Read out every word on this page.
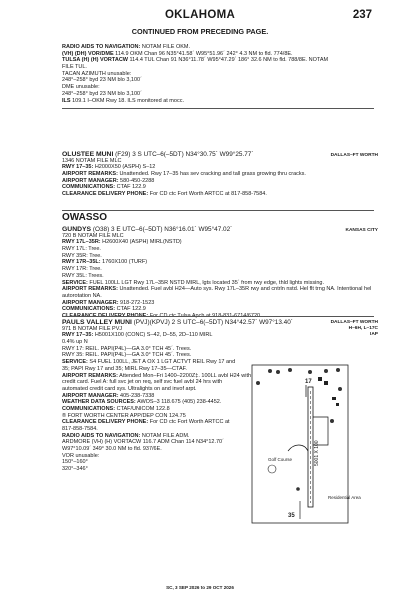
OKLAHOMA	237
CONTINUED FROM PRECEDING PAGE.
RADIO AIDS TO NAVIGATION: NOTAM FILE OKM.
(VH) (DH) VOR/DME 114.9 OKM Chan 96 N35°41.58´ W95°51.96´ 242° 4.3 NM to fld. 774/8E.
TULSA (H) (H) VORTACW 114.4 TUL Chan 91 N36°11.78´ W95°47.29´ 186° 32.6 NM to fld. 788/8E. NOTAM
FILE TUL.
TACAN AZIMUTH unusable:
248°–258° byd 23 NM blo 3,100´
DME unusable:
248°–258° byd 23 NM blo 3,100´
ILS 109.1 I–OKM Rwy 18. ILS monitored at mocc.
OLUSTEE MUNI (F29) 3 S UTC–6(–5DT) N34°30.75´ W99°25.77´
1346 NOTAM FILE MLC
RWY 17–35: H2000X50 (ASPH) S–12
AIRPORT REMARKS: Unattended. Rwy 17–35 has sev cracking and tall grass growing thru cracks.
AIRPORT MANAGER: 580-450-2288
COMMUNICATIONS: CTAF 122.9
CLEARANCE DELIVERY PHONE: For CD ctc Fort Worth ARTCC at 817-858-7584.
DALLAS–FT WORTH
OWASSO
GUNDYS (O38) 3 E UTC–6(–5DT) N36°16.01´ W95°47.02´
720 B NOTAM FILE MLC
RWY 17L–35R: H2600X40 (ASPH) MIRL(NSTD)
RWY 17L: Tree.
RWY 35R: Tree.
RWY 17R–35L: 1760X100 (TURF)
RWY 17R: Tree.
RWY 35L: Trees.
SERVICE: FUEL 100LL LGT Rwy 17L–35R NSTD MIRL, lgts located 35´ from rwy edge, thld lights missing.
AIRPORT REMARKS: Unattended. Fuel avbl H24—Auto sys. Rwy 17L–35R rwy and cntrln nstd. Hel flt trng NA. Intentional hel
autorotation NA.
AIRPORT MANAGER: 918-272-1523
COMMUNICATIONS: CTAF 122.9
CLEARANCE DELIVERY PHONE: For CD ctc Tulsa Apch at 918-831-6714/6720.
KANSAS CITY
PAULS VALLEY MUNI (PVJ)(KPVJ) 2 S UTC–6(–5DT) N34°42.57´ W97°13.40´
971 B NOTAM FILE PVJ
RWY 17–35: H5001X100 (CONC) S–42, D–55, 2D–110 MIRL
0.4% up N
RWY 17: REIL. PAPI(P4L)—GA 3.0° TCH 45´. Trees.
RWY 35: REIL. PAPI(P4L)—GA 3.0° TCH 45´. Trees.
SERVICE: S4 FUEL 100LL, JET A OX 1 LGT ACTVT REIL Rwy 17 and
35; PAPI Rwy 17 and 35; MIRL Rwy 17–35—CTAF.
AIRPORT REMARKS: Attended Mon–Fri 1400–2200Z‡. 100LL avbl H24 with
credit card. Fuel A: full svc jet on req, self svc fuel avbl 24 hrs with
automated credit card sys. Ultralights on and invof arpt.
AIRPORT MANAGER: 405-238-7338
WEATHER DATA SOURCES: AWOS–3 118.675 (405) 238-4452.
COMMUNICATIONS: CTAF/UNICOM 122.8
® FORT WORTH CENTER APP/DEP CON 124.75
CLEARANCE DELIVERY PHONE: For CD ctc Fort Worth ARTCC at
817-858-7584.
RADIO AIDS TO NAVIGATION: NOTAM FILE ADM.
ARDMORE (VH) (H) VORTACW 116.7 ADM Chan 114 N34°12.70´
W97°10.09´ 349° 30.0 NM to fld. 937/6E.
VOR unusable:
150°–160°
320°–346°
DALLAS–FT WORTH
H–6H, L–17C
IAP
17
5001 X 100
Golf Course
Residential Area
35
SC, 3 SEP 2026 to 29 OCT 2026
